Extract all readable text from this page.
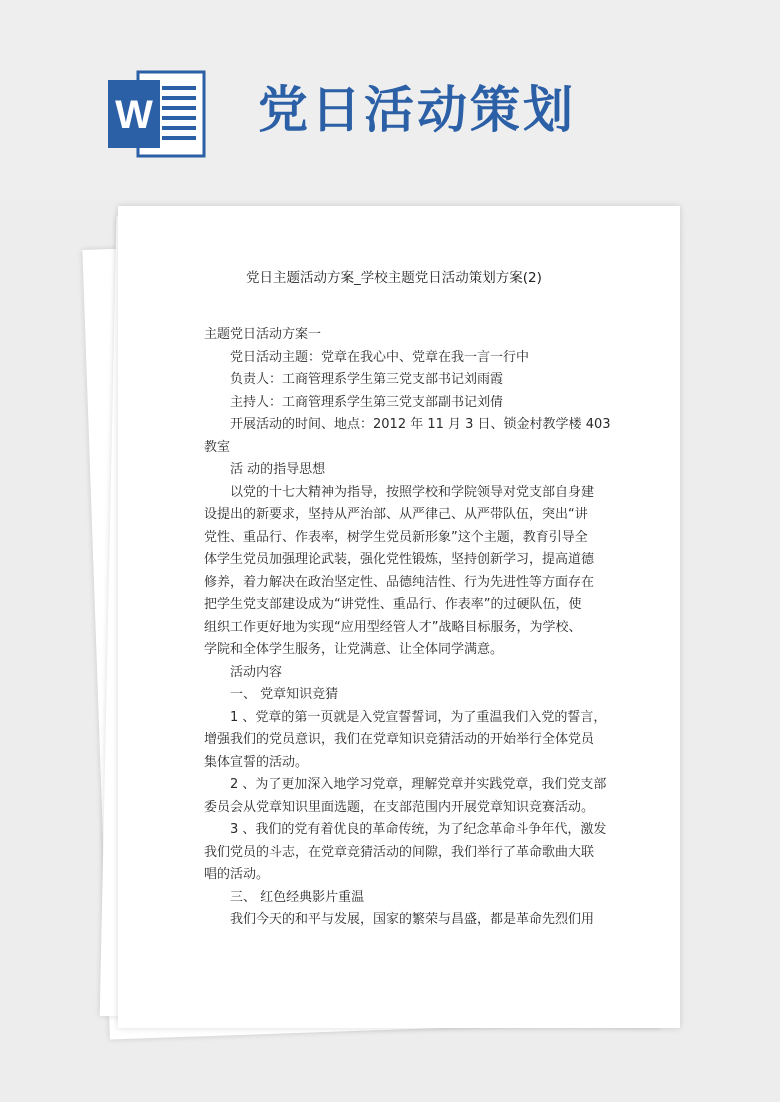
W 党日活动策划
党日主题活动方案_学校主题党日活动策划方案(2)

主题党日活动方案一

党日活动主题：党章在我心中、党章在我一言一行中

负责人：工商管理系学生第三党支部书记刘雨霞

主持人：工商管理系学生第三党支部副书记刘倩

开展活动的时间、地点：2012 年 11 月 3 日、锁金村教学楼 403

教室

活 动的指导思想

以党的十七大精神为指导，按照学校和学院领导对党支部自身建

设提出的新要求，坚持从严治部、从严律己、从严带队伍，突出“讲

党性、重品行、作表率，树学生党员新形象”这个主题，教育引导全

体学生党员加强理论武装，强化党性锻炼，坚持创新学习，提高道德

修养，着力解决在政治坚定性、品德纯洁性、行为先进性等方面存在

把学生党支部建设成为“讲党性、重品行、作表率”的过硬队伍，使

组织工作更好地为实现“应用型经管人才”战略目标服务，为学校、

学院和全体学生服务，让党满意、让全体同学满意。

活动内容

一、 党章知识竞猜

1 、党章的第一页就是入党宣誓誓词，为了重温我们入党的誓言，

增强我们的党员意识，我们在党章知识竞猜活动的开始举行全体党员

集体宣誓的活动。

2 、为了更加深入地学习党章，理解党章并实践党章，我们党支部

委员会从党章知识里面选题，在支部范围内开展党章知识竞赛活动。

3 、我们的党有着优良的革命传统，为了纪念革命斗争年代，激发

我们党员的斗志，在党章竞猜活动的间隙，我们举行了革命歌曲大联

唱的活动。

三、 红色经典影片重温

我们今天的和平与发展，国家的繁荣与昌盛，都是革命先烈们用
